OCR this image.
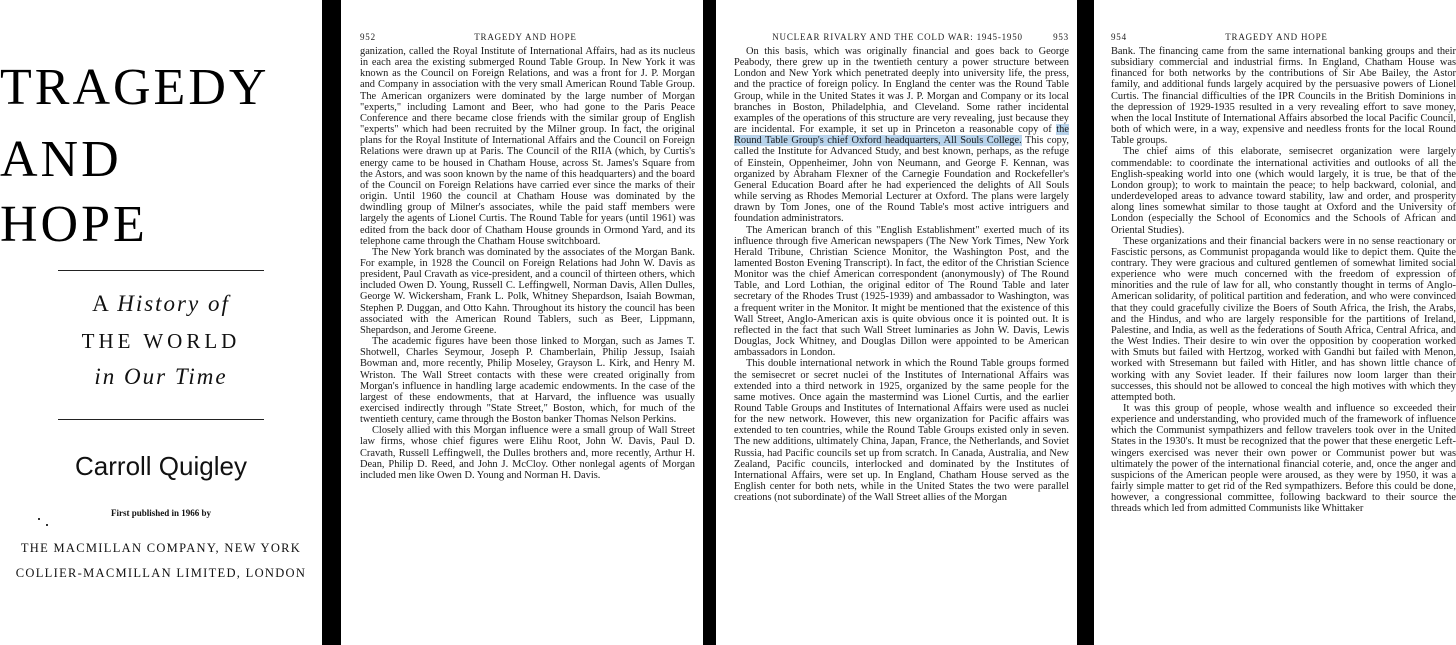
TRAGEDY
AND
HOPE
A History of
THE WORLD
in Our Time
Carroll Quigley
First published in 1966 by
THE MACMILLAN COMPANY, NEW YORK
COLLIER-MACMILLAN LIMITED, LONDON
952	TRAGEDY AND HOPE

ganization, called the Royal Institute of International Affairs, had as its nucleus in each area the existing submerged Round Table Group. In New York it was known as the Council on Foreign Relations, and was a front for J. P. Morgan and Company in association with the very small American Round Table Group. The American organizers were dominated by the large number of Morgan "experts," including Lamont and Beer, who had gone to the Paris Peace Conference and there became close friends with the similar group of English "experts" which had been recruited by the Milner group. In fact, the original plans for the Royal Institute of International Affairs and the Council on Foreign Relations were drawn up at Paris. The Council of the RIIA (which, by Curtis's energy came to be housed in Chatham House, across St. James's Square from the Astors, and was soon known by the name of this headquarters) and the board of the Council on Foreign Relations have carried ever since the marks of their origin. Until 1960 the council at Chatham House was dominated by the dwindling group of Milner's associates, while the paid staff members were largely the agents of Lionel Curtis. The Round Table for years (until 1961) was edited from the back door of Chatham House grounds in Ormond Yard, and its telephone came through the Chatham House switchboard.

The New York branch was dominated by the associates of the Morgan Bank. For example, in 1928 the Council on Foreign Relations had John W. Davis as president, Paul Cravath as vice-president, and a council of thirteen others, which included Owen D. Young, Russell C. Leffingwell, Norman Davis, Allen Dulles, George W. Wickersham, Frank L. Polk, Whitney Shepardson, Isaiah Bowman, Stephen P. Duggan, and Otto Kahn. Throughout its history the council has been associated with the American Round Tablers, such as Beer, Lippmann, Shepardson, and Jerome Greene.

The academic figures have been those linked to Morgan, such as James T. Shotwell, Charles Seymour, Joseph P. Chamberlain, Philip Jessup, Isaiah Bowman and, more recently, Philip Moseley, Grayson L. Kirk, and Henry M. Wriston. The Wall Street contacts with these were created originally from Morgan's influence in handling large academic endowments. In the case of the largest of these endowments, that at Harvard, the influence was usually exercised indirectly through "State Street," Boston, which, for much of the twentieth century, came through the Boston banker Thomas Nelson Perkins.

Closely allied with this Morgan influence were a small group of Wall Street law firms, whose chief figures were Elihu Root, John W. Davis, Paul D. Cravath, Russell Leffingwell, the Dulles brothers and, more recently, Arthur H. Dean, Philip D. Reed, and John J. McCloy. Other nonlegal agents of Morgan included men like Owen D. Young and Norman H. Davis.

NUCLEAR RIVALRY AND THE COLD WAR: 1945-1950	953

On this basis, which was originally financial and goes back to George Peabody, there grew up in the twentieth century a power structure between London and New York which penetrated deeply into university life, the press, and the practice of foreign policy. In England the center was the Round Table Group, while in the United States it was J. P. Morgan and Company or its local branches in Boston, Philadelphia, and Cleveland. Some rather incidental examples of the operations of this structure are very revealing, just because they are incidental. For example, it set up in Princeton a reasonable copy of the Round Table Group's chief Oxford headquarters, All Souls College. This copy, called the Institute for Advanced Study, and best known, perhaps, as the refuge of Einstein, Oppenheimer, John von Neumann, and George F. Kennan, was organized by Abraham Flexner of the Carnegie Foundation and Rockefeller's General Education Board after he had experienced the delights of All Souls while serving as Rhodes Memorial Lecturer at Oxford. The plans were largely drawn by Tom Jones, one of the Round Table's most active intriguers and foundation administrators.

The American branch of this "English Establishment" exerted much of its influence through five American newspapers (The New York Times, New York Herald Tribune, Christian Science Monitor, the Washington Post, and the lamented Boston Evening Transcript). In fact, the editor of the Christian Science Monitor was the chief American correspondent (anonymously) of The Round Table, and Lord Lothian, the original editor of The Round Table and later secretary of the Rhodes Trust (1925-1939) and ambassador to Washington, was a frequent writer in the Monitor. It might be mentioned that the existence of this Wall Street, Anglo-American axis is quite obvious once it is pointed out. It is reflected in the fact that such Wall Street luminaries as John W. Davis, Lewis Douglas, Jock Whitney, and Douglas Dillon were appointed to be American ambassadors in London.

This double international network in which the Round Table groups formed the semisecret or secret nuclei of the Institutes of International Affairs was extended into a third network in 1925, organized by the same people for the same motives. Once again the mastermind was Lionel Curtis, and the earlier Round Table Groups and Institutes of International Affairs were used as nuclei for the new network. However, this new organization for Pacific affairs was extended to ten countries, while the Round Table Groups existed only in seven. The new additions, ultimately China, Japan, France, the Netherlands, and Soviet Russia, had Pacific councils set up from scratch. In Canada, Australia, and New Zealand, Pacific councils, interlocked and dominated by the Institutes of International Affairs, were set up. In England, Chatham House served as the English center for both nets, while in the United States the two were parallel creations (not subordinate) of the Wall Street allies of the Morgan

954	TRAGEDY AND HOPE

Bank. The financing came from the same international banking groups and their subsidiary commercial and industrial firms. In England, Chatham House was financed for both networks by the contributions of Sir Abe Bailey, the Astor family, and additional funds largely acquired by the persuasive powers of Lionel Curtis. The financial difficulties of the IPR Councils in the British Dominions in the depression of 1929-1935 resulted in a very revealing effort to save money, when the local Institute of International Affairs absorbed the local Pacific Council, both of which were, in a way, expensive and needless fronts for the local Round Table groups.

The chief aims of this elaborate, semisecret organization were largely commendable: to coordinate the international activities and outlooks of all the English-speaking world into one (which would largely, it is true, be that of the London group); to work to maintain the peace; to help backward, colonial, and underdeveloped areas to advance toward stability, law and order, and prosperity along lines somewhat similar to those taught at Oxford and the University of London (especially the School of Economics and the Schools of African and Oriental Studies).

These organizations and their financial backers were in no sense reactionary or Fascistic persons, as Communist propaganda would like to depict them. Quite the contrary. They were gracious and cultured gentlemen of somewhat limited social experience who were much concerned with the freedom of expression of minorities and the rule of law for all, who constantly thought in terms of Anglo-American solidarity, of political partition and federation, and who were convinced that they could gracefully civilize the Boers of South Africa, the Irish, the Arabs, and the Hindus, and who are largely responsible for the partitions of Ireland, Palestine, and India, as well as the federations of South Africa, Central Africa, and the West Indies. Their desire to win over the opposition by cooperation worked with Smuts but failed with Hertzog, worked with Gandhi but failed with Menon, worked with Stresemann but failed with Hitler, and has shown little chance of working with any Soviet leader. If their failures now loom larger than their successes, this should not be allowed to conceal the high motives with which they attempted both.

It was this group of people, whose wealth and influence so exceeded their experience and understanding, who provided much of the framework of influence which the Communist sympathizers and fellow travelers took over in the United States in the 1930's. It must be recognized that the power that these energetic Left-wingers exercised was never their own power or Communist power but was ultimately the power of the international financial coterie, and, once the anger and suspicions of the American people were aroused, as they were by 1950, it was a fairly simple matter to get rid of the Red sympathizers. Before this could be done, however, a congressional committee, following backward to their source the threads which led from admitted Communists like Whittaker
